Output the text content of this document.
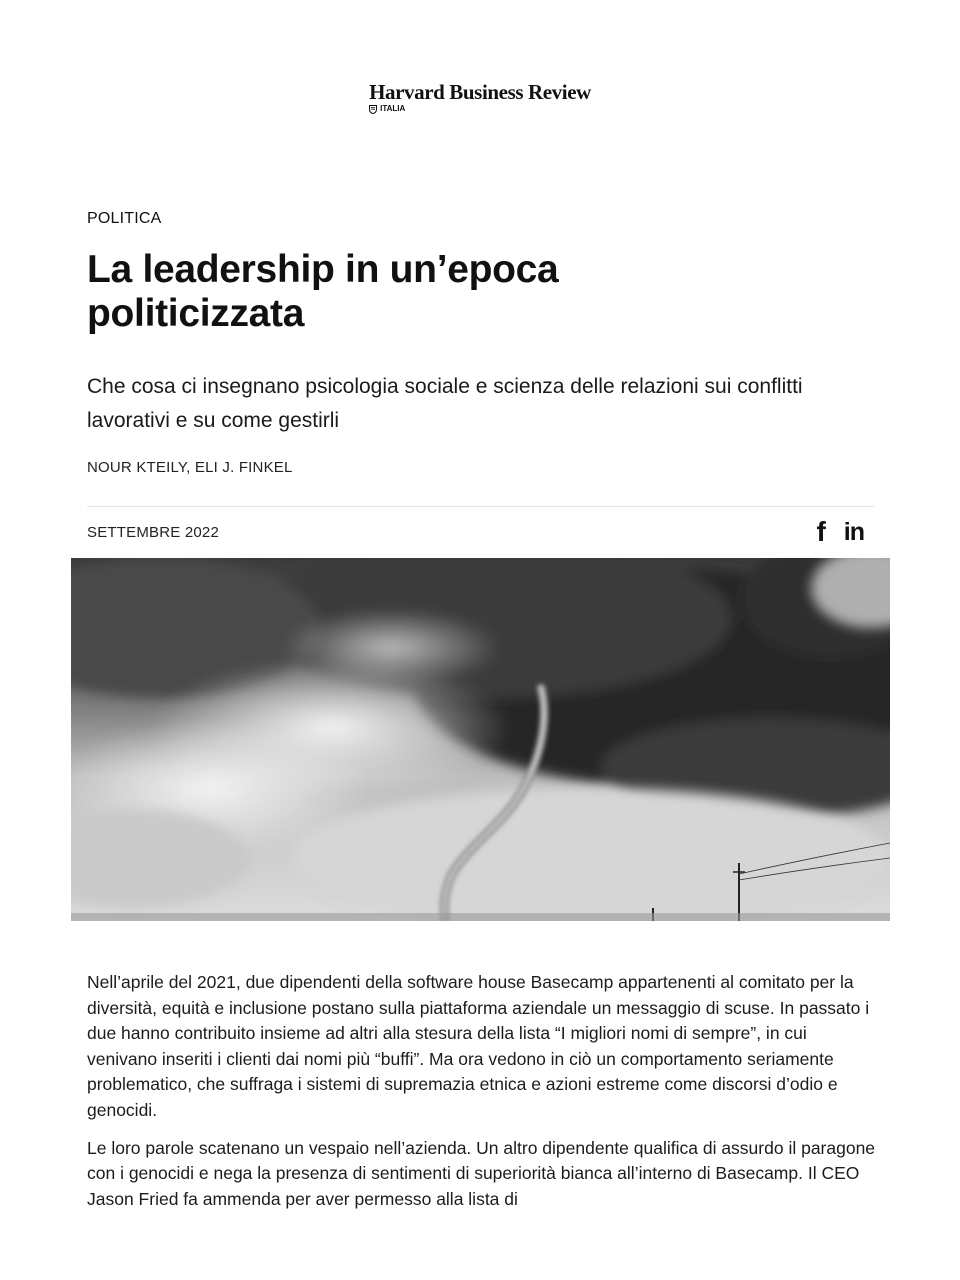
Harvard Business Review
ITALIA
POLITICA
La leadership in un’epoca politicizzata

Che cosa ci insegnano psicologia sociale e scienza delle relazioni sui conflitti lavorativi e su come gestirli

NOUR KTEILY, ELI J. FINKEL
SETTEMBRE 2022	f in

Nell’aprile del 2021, due dipendenti della software house Basecamp appartenenti al comitato per la diversità, equità e inclusione postano sulla piattaforma aziendale un messaggio di scuse. In passato i due hanno contribuito insieme ad altri alla stesura della lista “I migliori nomi di sempre”, in cui venivano inseriti i clienti dai nomi più “buffi”. Ma ora vedono in ciò un comportamento seriamente problematico, che suffraga i sistemi di supremazia etnica e azioni estreme come discorsi d’odio e genocidi.

Le loro parole scatenano un vespaio nell’azienda. Un altro dipendente qualifica di assurdo il paragone con i genocidi e nega la presenza di sentimenti di superiorità bianca all’interno di Basecamp. Il CEO Jason Fried fa ammenda per aver permesso alla lista di
